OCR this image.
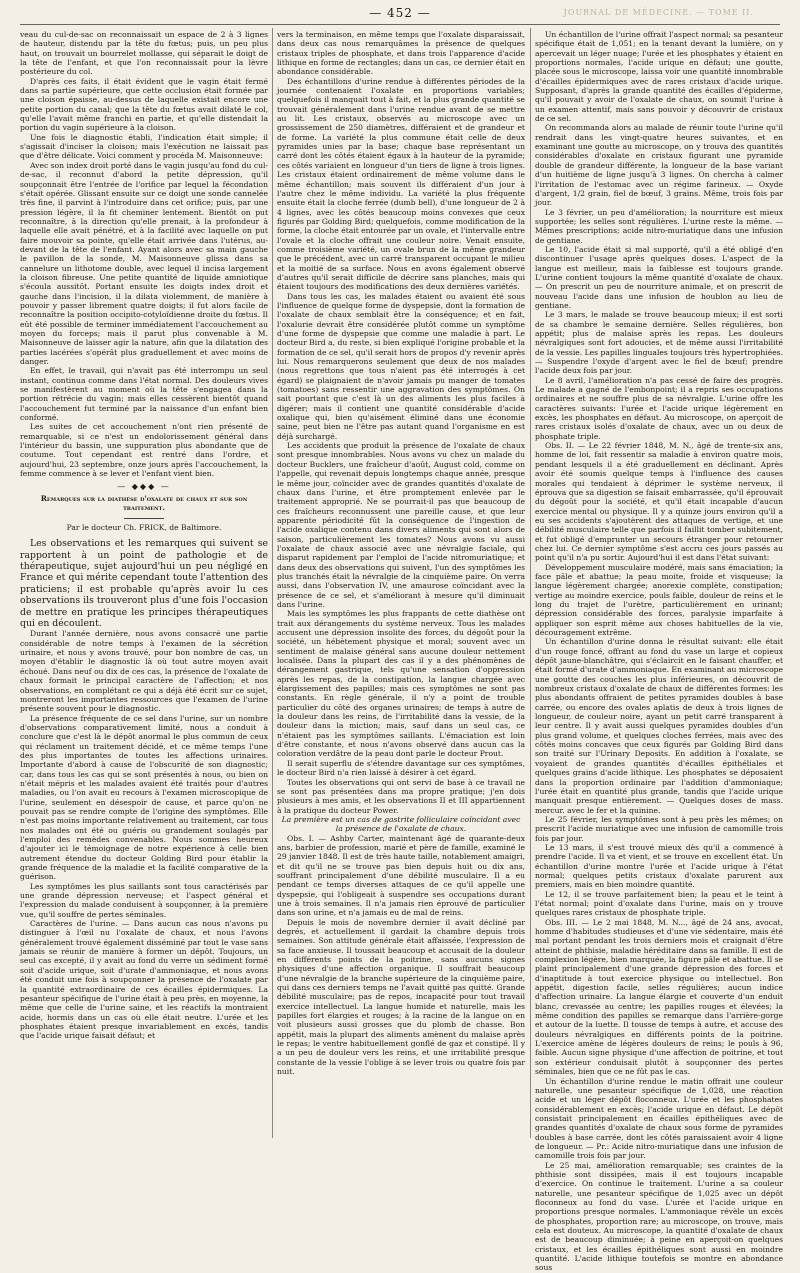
— 452 —	JOURNAL DE MÉDECINE. — TOME II.

veau du cul-de-sac on reconnaissait un espace de 2 à 3 lignes de hauteur, distendu par la tête du fœtus; puis, un peu plus haut, on trouvait un bourrelet mollasse, qui séparait le doigt de la tête de l'enfant, et que l'on reconnaissait pour la lèvre postérieure du col.

D'après ces faits, il était évident que le vagin était fermé dans sa partie supérieure, que cette occlusion était formée par une cloison épaisse, au-dessus de laquelle existait encore une petite portion du canal; que la tête du fœtus avait dilaté le col, qu'elle l'avait même franchi en partie, et qu'elle distendait la portion du vagin supérieure à la cloison.

Une fois le diagnostic établi, l'indication était simple; il s'agissait d'inciser la cloison; mais l'exécution ne laissait pas que d'être délicate. Voici comment y procéda M. Maisonneuve:

Avec son index droit porté dans le vagin jusqu'au fond du cul-de-sac, il reconnut d'abord la petite dépression, qu'il soupçonnait être l'entrée de l'orifice par lequel la fécondation s'était opérée. Glissant ensuite sur ce doigt une sonde cannelée très fine, il parvint à l'introduire dans cet orifice; puis, par une pression légère, il la fit cheminer lentement. Bientôt on put reconnaître, à la direction qu'elle prenait, à la profondeur à laquelle elle avait pénétré, et à la facilité avec laquelle on put faire mouvoir sa pointe, qu'elle était arrivée dans l'utérus, au-devant de la tête de l'enfant. Ayant alors avec sa main gauche le pavillon de la sonde, M. Maisonneuve glissa dans sa cannelure un lithotome double, avec lequel il incisa largement la cloison fibreuse. Une petite quantité de liquide amniotique s'écoula aussitôt. Portant ensuite les doigts index droit et gauche dans l'incision, il la dilata violemment, de manière à pouvoir y passer librement quatre doigts; il fut alors facile de reconnaître la position occipito-cotyloïdienne droite du fœtus. Il eût été possible de terminer immédiatement l'accouchement au moyen du forceps; mais il parut plus convenable à M. Maisonneuve de laisser agir la nature, afin que la dilatation des parties lacérées s'opérât plus graduellement et avec moins de danger.

En effet, le travail, qui n'avait pas été interrompu un seul instant, continua comme dans l'état normal. Des douleurs vives se manifestèrent au moment où la tête s'engagea dans la portion rétrécie du vagin; mais elles cessèrent bientôt quand l'accouchement fut terminé par la naissance d'un enfant bien conformé.

Les suites de cet accouchement n'ont rien présenté de remarquable, si ce n'est un endolorissement général dans l'intérieur du bassin, une suppuration plus abondante que de coutume. Tout cependant est rentré dans l'ordre, et aujourd'hui, 23 septembre, onze jours après l'accouchement, la femme commence à se lever et l'enfant vient bien.

— ◆◆◆ —
Remarques sur la diathèse d'oxalate de chaux et sur son traitement.
Par le docteur Ch. FRICK, de Baltimore.

Les observations et les remarques qui suivent se rapportent à un point de pathologie et de thérapeutique, sujet aujourd'hui un peu négligé en France et qui mérite cependant toute l'attention des praticiens; il est probable qu'après avoir lu ces observations ils trouveront plus d'une fois l'occasion de mettre en pratique les principes thérapeutiques qui en découlent.

Durant l'année dernière, nous avons consacré une partie considérable de notre temps à l'examen de la sécrétion urinaire, et nous y avons trouvé, pour bon nombre de cas, un moyen d'établir le diagnostic là où tout autre moyen avait échoué. Dans neuf ou dix de ces cas, la présence de l'oxalate de chaux formait le principal caractère de l'affection; et nos observations, en complétant ce qui a déjà été écrit sur ce sujet, montreront les importantes ressources que l'examen de l'urine présente souvent pour le diagnostic.

La présence fréquente de ce sel dans l'urine, sur un nombre d'observations comparativement limité, nous a conduit à conclure que c'est là le dépôt anormal le plus commun de ceux qui réclament un traitement décidé, et ce même temps l'une des plus importantes de toutes les affections urinaires. Importante d'abord à cause de l'obscurité de son diagnostic; car, dans tous les cas qui se sont présentés à nous, ou bien on n'était mépris et les malades avaient été traités pour d'autres maladies, ou l'on avait eu recours à l'examen microscopique de l'urine, seulement en désespoir de cause, et parce qu'on ne pouvait pas se rendre compte de l'origine des symptômes. Elle n'est pas moins importante relativement au traitement, car tous nos malades ont été ou guéris ou grandement soulagés par l'emploi des remèdes convenables. Nous sommes heureux d'ajouter ici le témoignage de notre expérience à celle bien autrement étendue du docteur Golding Bird pour établir la grande fréquence de la maladie et la facilité comparative de la guérison.

Les symptômes les plus saillants sont tous caractérisés par une grande dépression nerveuse; et l'aspect général et l'expression du malade conduisent à soupçonner, à la première vue, qu'il souffre de pertes séminales.

Caractères de l'urine. — Dans aucun cas nous n'avons pu distinguer à l'œil nu l'oxalate de chaux, et nous l'avons généralement trouvé également disséminé par tout le vase sans jamais se réunir de manière à former un dépôt. Toujours, un seul cas excepté, il y avait au fond du verre un sédiment formé soit d'acide urique, soit d'urate d'ammoniaque, et nous avons été conduit une fois à soupçonner la présence de l'oxalate par la quantité extraordinaire de ces écailles épidermiques. La pesanteur spécifique de l'urine était à peu près, en moyenne, la même que celle de l'urine saine, et les réactifs la montraient acide, hormis dans un cas où elle était neutre. L'urée et les phosphates étaient presque invariablement en excès, tandis que l'acide urique faisait défaut; et

vers la terminaison, en même temps que l'oxalate disparaissait, dans deux cas nous remarquâmes la présence de quelques cristaux triples de phosphate, et dans trois l'apparence d'acide lithique en forme de rectangles; dans un cas, ce dernier était en abondance considérable.

Des échantillons d'urine rendue à différentes périodes de la journée contenaient l'oxalate en proportions variables; quelquefois il manquait tout à fait, et la plus grande quantité se trouvait généralement dans l'urine rendue avant de se mettre au lit. Les cristaux, observés au microscope avec un grossissement de 250 diamètres, différaient et de grandeur et de forme. La variété la plus commune était celle de deux pyramides unies par la base; chaque base représentant un carré dont les côtés étaient égaux à la hauteur de la pyramide; ces côtés variaient en longueur d'un tiers de ligne à trois lignes. Les cristaux étaient ordinairement de même volume dans le même échantillon; mais souvent ils différaient d'un jour à l'autre chez le même individu. La variété la plus fréquente ensuite était la cloche ferrée (dumb bell), d'une longueur de 2 à 4 lignes, avec les côtés beaucoup moins convexes que ceux figurés par Golding Bird; quelquefois, comme modification de la forme, la cloche était entourée par un ovale, et l'intervalle entre l'ovale et la cloche offrait une couleur noire. Venait ensuite, comme troisième variété, un ovale brun de la même grandeur que le précédent, avec un carré transparent occupant le milieu et la moitié de sa surface. Nous en avons également observé d'autres qu'il serait difficile de décrire sans planches, mais qui étaient toujours des modifications des deux dernières variétés.

Dans tous les cas, les malades étaient ou avaient été sous l'influence de quelque forme de dyspepsie, dont la formation de l'oxalate de chaux semblait être la conséquence; et en fait, l'oxalurie devrait être considérée plutôt comme un symptôme d'une forme de dyspepsie que comme une maladie à part. Le docteur Bird a, du reste, si bien expliqué l'origine probable et la formation de ce sel, qu'il serait hors de propos d'y revenir après lui. Nous remarquerons seulement que deux de nos malades (nous regrettons que tous n'aient pas été interrogés à cet égard) se plaignaient de n'avoir jamais pu manger de tomates (tomatoes) sans ressentir une aggravation des symptômes. On sait pourtant que c'est là un des aliments les plus faciles à digérer; mais il contient une quantité considérable d'acide oxalique qui, bien qu'aisément éliminé dans une économie saine, peut bien ne l'être pas autant quand l'organisme en est déjà surchargé.

Les accidents que produit la présence de l'oxalate de chaux sont presque innombrables. Nous avons vu chez un malade du docteur Bucklers, une fraîcheur d'août, August cold, comme on l'appelle, qui revenait depuis longtemps chaque année, presque le même jour, coïncider avec de grandes quantités d'oxalate de chaux dans l'urine, et être promptement enlevée par le traitement approprié. Ne se pourrait-il pas que beaucoup de ces fraîcheurs reconnussent une pareille cause, et que leur apparente périodicité fût la conséquence de l'ingestion de l'acide oxalique contenu dans divers aliments qui sont alors de saison, particulièrement les tomates? Nous avons vu aussi l'oxalate de chaux associé avec une névralgie faciale, qui disparut rapidement par l'emploi de l'acide nitromuriatique; et dans deux des observations qui suivent, l'un des symptômes les plus tranchés était la névralgie de la cinquième paire. On verra aussi, dans l'observation IV, une amaurose coïncidant avec la présence de ce sel, et s'améliorant à mesure qu'il diminuait dans l'urine.

Mais les symptômes les plus frappants de cette diathèse ont trait aux dérangements du système nerveux. Tous les malades accusent une dépression insolite des forces, du dégoût pour la société, un hébètement physique et moral; souvent avec un sentiment de malaise général sans aucune douleur nettement localisée. Dans la plupart des cas il y a des phénomènes de dérangement gastrique, tels qu'une sensation d'oppression après les repas, de la constipation, la langue chargée avec élargissement des papilles; mais ces symptômes ne sont pas constants. En règle générale, il n'y a point de trouble particulier du côté des organes urinaires; de temps à autre de la douleur dans les reins, de l'irritabilité dans la vessie, de la douleur dans la miction; mais, sauf dans un seul cas, ce n'étaient pas les symptômes saillants. L'émaciation est loin d'être constante, et nous n'avons observé dans aucun cas la coloration verdâtre de la peau dont parle le docteur Prout.

Il serait superflu de s'étendre davantage sur ces symptômes, le docteur Bird n'a rien laissé à désirer à cet égard.

Toutes les observations qui ont servi de base à ce travail ne se sont pas présentées dans ma propre pratique; j'en dois plusieurs à mes amis, et les observations II et III appartiennent à la pratique du docteur Power.

La première est un cas de gastrite folliculaire coïncidant avec la présence de l'oxalate de chaux.

Obs. I. — Ashby Carter, maintenant âgé de quarante-deux ans, barbier de profession, marié et père de famille, examiné le 29 janvier 1848. Il est de très haute taille, notablement amaigri, et dit qu'il ne se trouve pas bien depuis huit ou dix ans, souffrant principalement d'une débilité musculaire. Il a eu pendant ce temps diverses attaques de ce qu'il appelle une dyspepsie, qui l'obligeait à suspendre ses occupations durant une à trois semaines. Il n'a jamais rien éprouvé de particulier dans son urine, et n'a jamais eu de mal de reins.

Depuis le mois de novembre dernier il avait décliné par degrés, et actuellement il gardait la chambre depuis trois semaines. Son attitude générale était affaissée, l'expression de sa face anxieuse. Il toussait beaucoup et accusait de la douleur en différents points de la poitrine, sans aucuns signes physiques d'une affection organique. Il souffrait beaucoup d'une névralgie de la branche supérieure de la cinquième paire, qui dans ces derniers temps ne l'avait quitté pas quitté. Grande débilité musculaire; pas de repos, incapacité pour tout travail exercice intellectuel. La langue humide et naturelle, mais les papilles fort élargies et rouges; à la racine de la langue on en voit plusieurs aussi grosses que du plomb de chasse. Bon appétit, mais la plupart des aliments amènent du malaise après le repas; le ventre habituellement gonflé de gaz et constipé. Il y a un peu de douleur vers les reins, et une irritabilité presque constante de la vessie l'oblige à se lever trois ou quatre fois par nuit.

Un échantillon de l'urine offrait l'aspect normal; sa pesanteur spécifique était de 1,051; en la tenant devant la lumière, on y apercevait un léger nuage; l'urée et les phosphates y étaient en proportions normales, l'acide urique en défaut; une goutte, placée sous le microscope, laissa voir une quantité innombrable d'écailles épidermiques avec de rares cristaux d'acide urique. Supposant, d'après la grande quantité des écailles d'épiderme, qu'il pouvait y avoir de l'oxalate de chaux, on soumit l'urine à un examen attentif, mais sans pouvoir y découvrir de cristaux de ce sel.

On recommanda alors au malade de réunir toute l'urine qu'il rendrait dans les vingt-quatre heures suivantes, et en examinant une goutte au microscope, on y trouva des quantités considérables d'oxalate en cristaux figurant une pyramide double de grandeur différente, la longueur de la base variant d'un huitième de ligne jusqu'à 3 lignes. On chercha à calmer l'irritation de l'estomac avec un régime farineux. — Oxyde d'argent, 1/2 grain, fiel de bœuf, 3 grains. Même, trois fois par jour.

Le 3 février, un peu d'amélioration; la nourriture est mieux supportée; les selles sont régulières. L'urine reste la même. — Mêmes prescriptions; acide nitro-muriatique dans une infusion de gentiane.

Le 10, l'acide était si mal supporté, qu'il a été obligé d'en discontinuer l'usage après quelques doses. L'aspect de la langue est meilleur, mais la faiblesse est toujours grande. L'urine contient toujours la même quantité d'oxalate de chaux. — On prescrit un peu de nourriture animale, et on prescrit de nouveau l'acide dans une infusion de houblon au lieu de gentiane.

Le 3 mars, le malade se trouve beaucoup mieux; il est sorti de sa chambre le semaine dernière. Selles régulières, bon appétit; plus de malaise après les repas. Les douleurs névralgiques sont fort adoucies, et de même aussi l'irritabilité de la vessie. Les papilles linguales toujours très hypertrophiées. — Suspendre l'oxyde d'argent avec le fiel de bœuf; prendre l'acide deux fois par jour.

Le 8 avril, l'amélioration n'a pas cessé de faire des progrès. Le malade a gagné de l'embonpoint; il a repris ses occupations ordinaires et ne souffre plus de sa névralgie. L'urine offre les caractères suivants: l'urée et l'acide urique légèrement en excès, les phosphates en défaut. Au microscope, on aperçoit de rares cristaux isolés d'oxalate de chaux, avec un ou deux de phosphate triple.

Obs. II. — Le 22 février 1848, M. N., âgé de trente-six ans, homme de loi, fait ressentir sa maladie à environ quatre mois, pendant lesquels il a été graduellement en déclinant. Après avoir été soumis quelque temps à l'influence des causes morales qui tendaient à déprimer le système nerveux, il éprouva que sa digestion se faisait embarrassée, qu'il éprouvait du dégoût pour la société, et qu'il était incapable d'aucun exercice mental ou physique. Il y a quinze jours environ qu'il a eu ses accidents s'ajoutèrent des attaques de vertige, et une débilité musculaire telle que parfois il faillit tomber subitement, et fut obligé d'emprunter un secours étranger pour retourner chez lui. Ce dernier symptôme s'est accru ces jours passés au point qu'il n'a pu sortir. Aujourd'hui il est dans l'état suivant:

Développement musculaire modéré, mais sans émaciation; la face pâle et abattue; la peau moite, froide et visqueuse; la langue légèrement chargée; anorexie complète, constipation; vertige au moindre exercice, pouls faible, douleur de reins et le long du trajet de l'urètre, particulièrement en urinant; dépression considérable des forces, paralysie imparfaite à appliquer son esprit même aux choses habituelles de la vie, découragement extrême.

Un échantillon d'urine donna le résultat suivant: elle était d'un rouge foncé, offrant au fond du vase un large et copieux dépôt jaune-blanchâtre, qui s'éclaircit en le faisant chauffer, et était formé d'urate d'ammoniaque. En examinant au microscope une goutte des couches les plus inférieures, on découvrit de nombreux cristaux d'oxalate de chaux de différentes formes: les plus abondants offraient de petites pyramides doubles à base carrée, ou encore des ovales aplatis de deux à trois lignes de longueur, de couleur noire, ayant un petit carré transparent à leur centre. Il y avait aussi quelques pyramides doubles d'un plus grand volume, et quelques cloches ferrées, mais avec des côtés moins concaves que ceux figurés par Golding Bird dans son traité sur l'Urinary Deposits. En addition à l'oxalate, se voyaient de grandes quantités d'écailles épithéliales et quelques grains d'acide lithique. Les phosphates se déposaient dans la proportion ordinaire par l'addition d'ammoniaque; l'urée était en quantité plus grande, tandis que l'acide urique manquait presque entièrement. — Quelques doses de mass. mercur. avec le fer et la quinine.

Le 25 février, les symptômes sont à peu près les mêmes; on prescrit l'acide muriatique avec une infusion de camomille trois fois par jour.

Le 13 mars, il s'est trouvé mieux dès qu'il a commencé à prendre l'acide. Il va et vient, et se trouve en excellent état. Un échantillon d'urine montre l'urée et l'acide urique à l'état normal; quelques petits cristaux d'oxalate parurent aux premiers, mais en bien moindre quantité.

Le 12, il se trouve parfaitement bien; la peau et le teint à l'état normal; point d'oxalate dans l'urine, mais on y trouve quelques rares cristaux de phosphate triple.

Obs. III. — Le 2 mai 1848, M. N..., âgé de 24 ans, avocat, homme d'habitudes studieuses et d'une vie sédentaire, mais été mal portant pendant les trois derniers mois et craignait d'être atteint de phthisie, maladie héréditaire dans sa famille. Il est de complexion légère, bien marquée, la figure pâle et abattue. Il se plaint principalement d'une grande dépression des forces et d'inaptitude à tout exercice physique ou intellectuel. Bon appétit, digestion facile, selles régulières; aucun indice d'affection urinaire. La langue élargie et couverte d'un enduit blanc, crevassée au centre; les papilles rouges et élevées; la même condition des papilles se remarque dans l'arrière-gorge et autour de la luette. Il tousse de temps à autre, et accuse des douleurs névralgiques en différents points de la poitrine. L'exercice amène de légères douleurs de reins; le pouls à 96, faible. Aucun signe physique d'une affection de poitrine, et tout son extérieur conduisait plutôt à soupçonner des pertes séminales, bien que ce ne fût pas le cas.

Un échantillon d'urine rendue le matin offrait une couleur naturelle, une pesanteur spécifique de 1,028, une réaction acide et un léger dépôt floconneux. L'urée et les phosphates considérablement en excès; l'acide urique en défaut. Le dépôt consistait principalement en écailles épithéliques avec de grandes quantités d'oxalate de chaux sous forme de pyramides doubles à base carrée, dont les côtés paraissaient avoir 4 ligne de longueur. — Pr.: Acide nitro-muriatique dans une infusion de camomille trois fois par jour.

Le 25 mai, amélioration remarquable; ses craintes de la phthisie sont dissipées, mais il est toujours incapable d'exercice. On continue le traitement. L'urine a sa couleur naturelle, une pesanteur spécifique de 1,025 avec un dépôt floconneux au fond du vase. L'urée et l'acide urique en proportions presque normales. L'ammoniaque révèle un excès de phosphates, proportion rare; au microscope, on trouve, mais cela est douteux. Au microscope, la quantité d'oxalate de chaux est de beaucoup diminuée; à peine en aperçoit-on quelques cristaux, et les écailles épithéliques sont aussi en moindre quantité. L'acide lithique toutefois se montre en abondance sous
